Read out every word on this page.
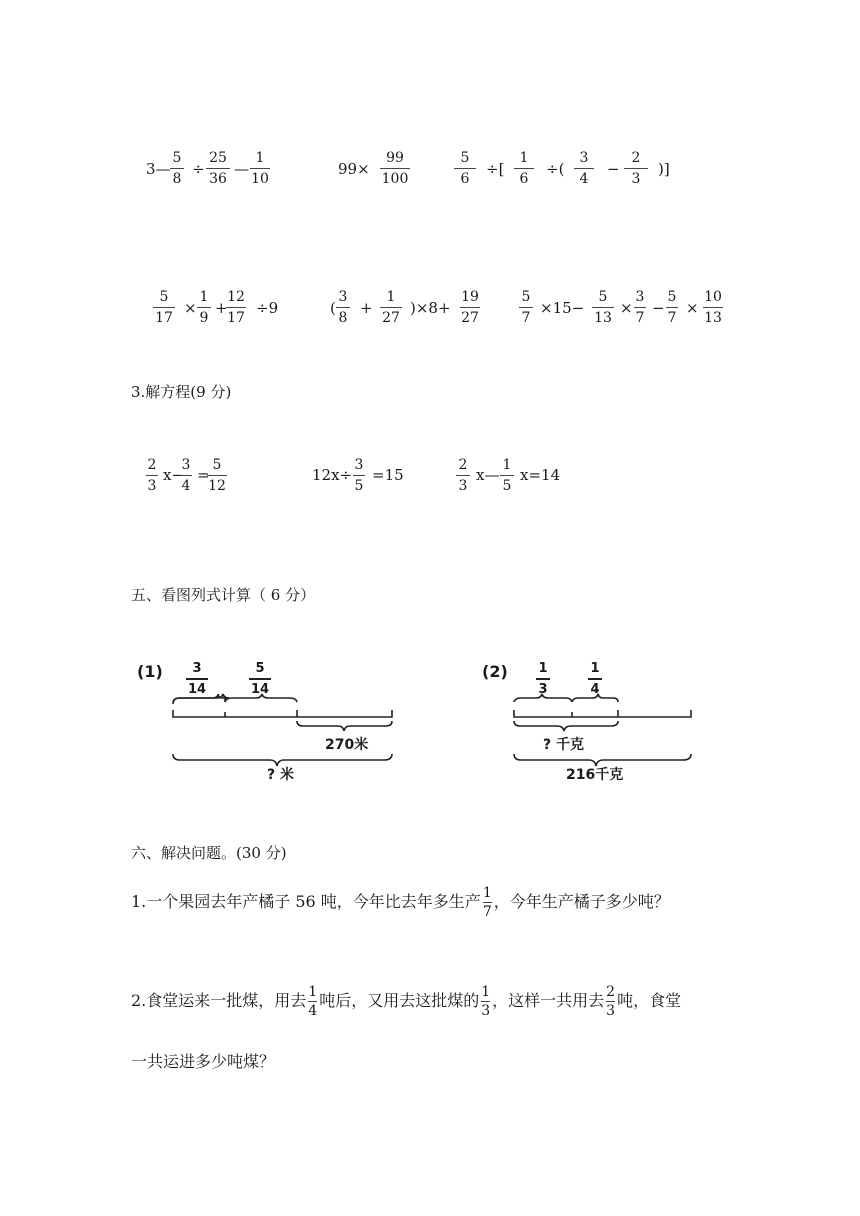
3—
5
8
÷
25
36
—
1
10
99×
99
100
5
6
÷[
1
6
÷(
3
4
−
2
3
)]
5
17
×
1
9
+
12
17
÷9	(
3
8
+
1
27
)×8+
19
27
5
7
×15−
5
13
×
3
7
−
5
7
×
10
13
3.解方程(9 分)
2
3
x−
3
4
=
5
12
12x÷
3
5
=15
2
3
x—
1
5
x=14
五、看图列式计算（ 6 分）
(1)	3
14
5
14
270米
? 米
(2) 1
3
1
4
? 千克
216千克
六、解决问题。(30 分)
1.一个果园去年产橘子 56 吨，今年比去年多生产 $\frac{1}{7}$ ，今年生产橘子多少吨？
2.食堂运来一批煤，用去 $\frac{1}{4}$ 吨后，又用去这批煤的 $\frac{1}{3}$ ，这样一共用去 $\frac{2}{3}$ 吨，食堂
一共运进多少吨煤？
